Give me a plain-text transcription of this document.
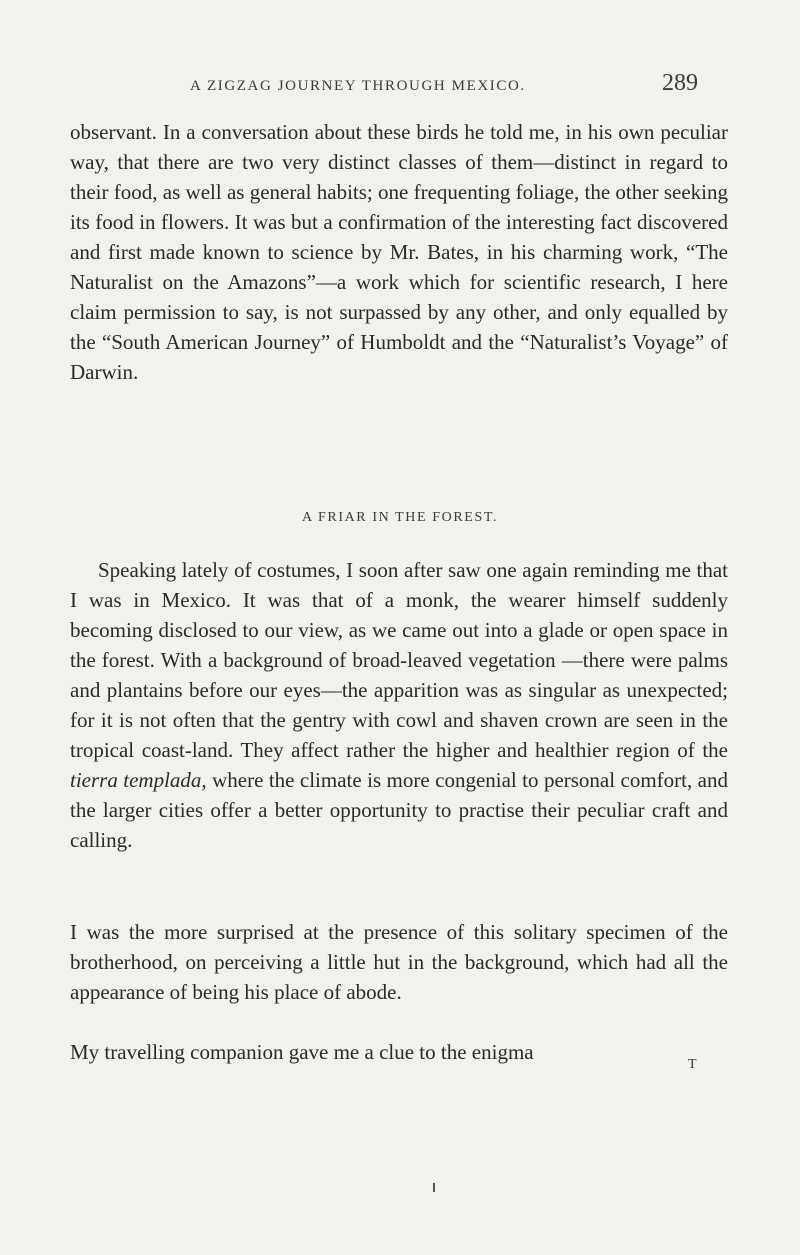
A ZIGZAG JOURNEY THROUGH MEXICO.	289

observant. In a conversation about these birds he told me, in his own peculiar way, that there are two very distinct classes of them—distinct in regard to their food, as well as general habits; one frequenting foliage, the other seeking its food in flowers. It was but a confirmation of the interesting fact discovered and first made known to science by Mr. Bates, in his charming work, “The Naturalist on the Amazons”—a work which for scientific research, I here claim permission to say, is not surpassed by any other, and only equalled by the “South American Journey” of Humboldt and the “Naturalist’s Voyage” of Darwin.

A FRIAR IN THE FOREST.

Speaking lately of costumes, I soon after saw one again reminding me that I was in Mexico. It was that of a monk, the wearer himself suddenly becoming disclosed to our view, as we came out into a glade or open space in the forest. With a background of broad-leaved vegetation —there were palms and plantains before our eyes—the apparition was as singular as unexpected; for it is not often that the gentry with cowl and shaven crown are seen in the tropical coast-land. They affect rather the higher and healthier region of the tierra templada, where the climate is more congenial to personal comfort, and the larger cities offer a better opportunity to practise their peculiar craft and calling.

I was the more surprised at the presence of this solitary specimen of the brotherhood, on perceiving a little hut in the background, which had all the appearance of being his place of abode.

My travelling companion gave me a clue to the enigma

T
